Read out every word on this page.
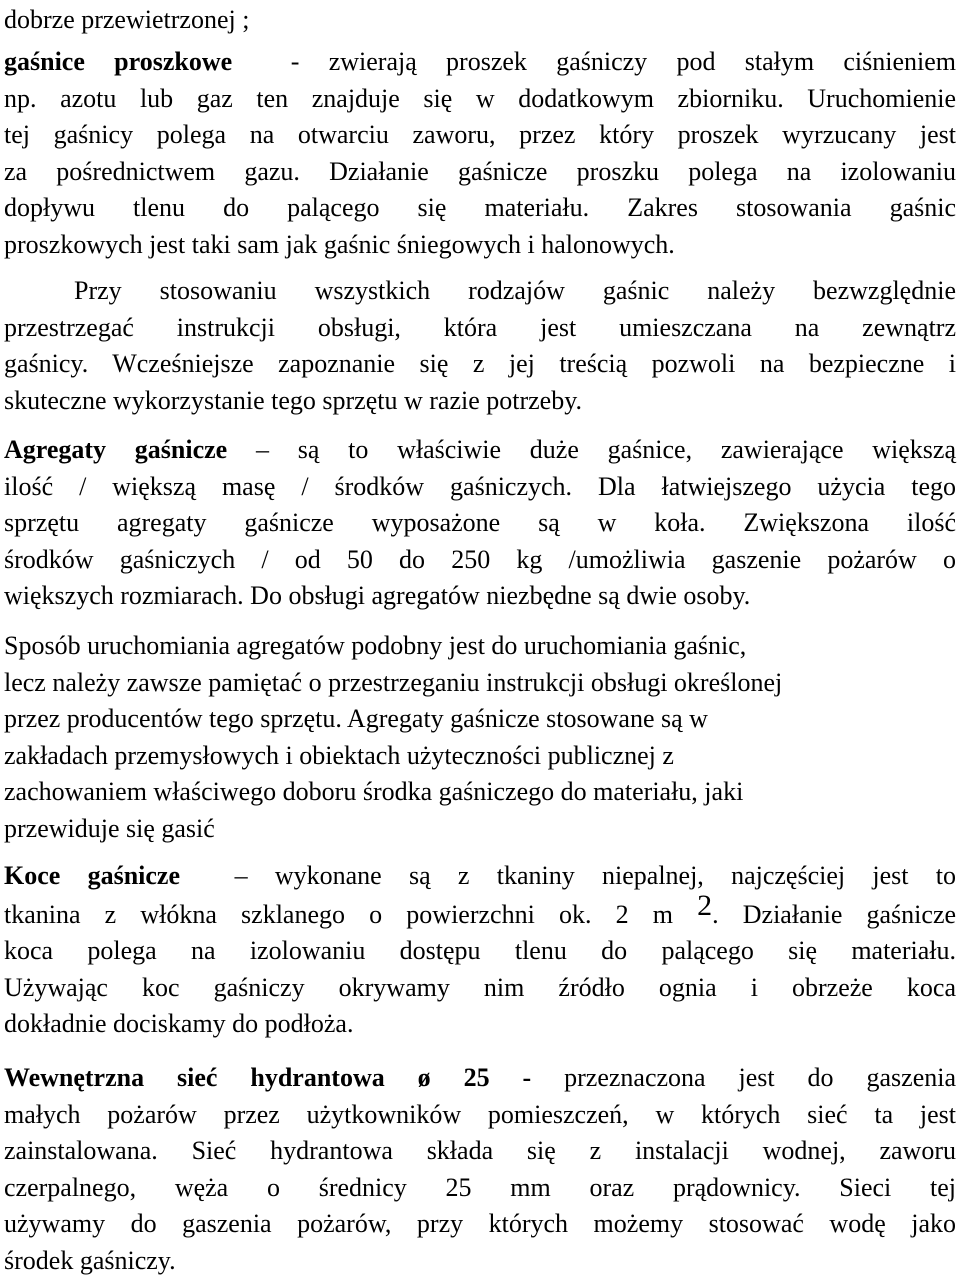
dobrze przewietrzonej ;
gaśnice proszkowe - zwierają proszek gaśniczy pod stałym ciśnieniem
np. azotu lub gaz ten znajduje się w dodatkowym zbiorniku. Uruchomienie
tej gaśnicy polega na otwarciu zaworu, przez który proszek wyrzucany jest
za pośrednictwem gazu. Działanie gaśnicze proszku polega na izolowaniu
dopływu tlenu do palącego się materiału. Zakres stosowania gaśnic
proszkowych jest taki sam jak gaśnic śniegowych i halonowych.
Przy stosowaniu wszystkich rodzajów gaśnic należy bezwzględnie
przestrzegać instrukcji obsługi, która jest umieszczana na zewnątrz
gaśnicy. Wcześniejsze zapoznanie się z jej treścią pozwoli na bezpieczne i
skuteczne wykorzystanie tego sprzętu w razie potrzeby.
Agregaty gaśnicze – są to właściwie duże gaśnice, zawierające większą
ilość / większą masę / środków gaśniczych. Dla łatwiejszego użycia tego
sprzętu agregaty gaśnicze wyposażone są w koła. Zwiększona ilość
środków gaśniczych / od 50 do 250 kg /umożliwia gaszenie pożarów o
większych rozmiarach. Do obsługi agregatów niezbędne są dwie osoby.
Sposób uruchomiania agregatów podobny jest do uruchomiania gaśnic,
lecz należy zawsze pamiętać o przestrzeganiu instrukcji obsługi określonej
przez producentów tego sprzętu. Agregaty gaśnicze stosowane są w
zakładach przemysłowych i obiektach użyteczności publicznej z
zachowaniem właściwego doboru środka gaśniczego do materiału, jaki
przewiduje się gasić
Koce gaśnicze – wykonane są z tkaniny niepalnej, najczęściej jest to
tkanina z włókna szklanego o powierzchni ok. 2 m $^2$. Działanie gaśnicze
koca polega na izolowaniu dostępu tlenu do palącego się materiału.
Używając koc gaśniczy okrywamy nim źródło ognia i obrzeże koca
dokładnie dociskamy do podłoża.
Wewnętrzna sieć hydrantowa ø 25 - przeznaczona jest do gaszenia
małych pożarów przez użytkowników pomieszczeń, w których sieć ta jest
zainstalowana. Sieć hydrantowa składa się z instalacji wodnej, zaworu
czerpalnego, węża o średnicy 25 mm oraz prądownicy. Sieci tej
używamy do gaszenia pożarów, przy których możemy stosować wodę jako
środek gaśniczy.
